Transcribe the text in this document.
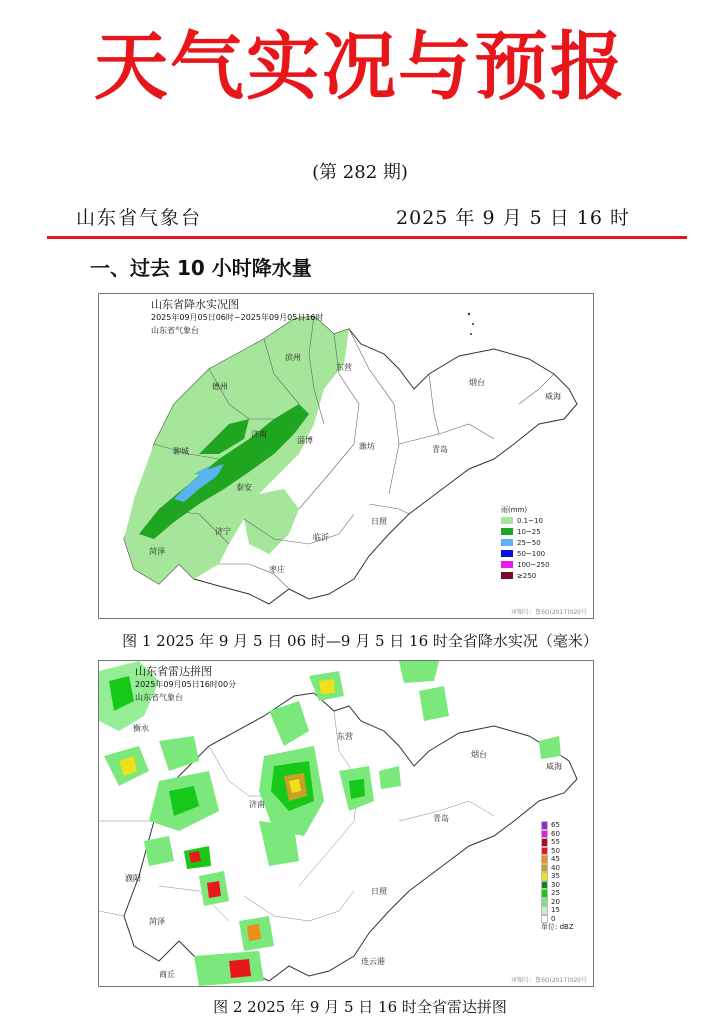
天气实况与预报
(第 282 期)
山东省气象台	2025 年 9 月 5 日 16 时
一、过去 10 小时降水量
山东省降水实况图
2025年09月05日06时~2025年09月05日16时
山东省气象台
德州
滨州
东营
烟台
威海
聊城
济南
淄博
潍坊	青岛
泰安
济宁
日照
临沂
菏泽
枣庄
雨(mm)
0.1~10
10~25
25~50
50~100
100~250
≥250
审图号：鲁SG(2017)020号
图 1 2025 年 9 月 5 日 06 时—9 月 5 日 16 时全省降水实况（毫米）
山东省雷达拼图
2025年09月05日16时00分
山东省气象台
衡水
东营
烟台
威海
济南
青岛
濮阳
日照
菏泽
商丘
连云港
65
60
55
50
45
40
35
30
25
20
15
0
单位: dBZ
审图号：鲁SG(2017)020号
图 2 2025 年 9 月 5 日 16 时全省雷达拼图
